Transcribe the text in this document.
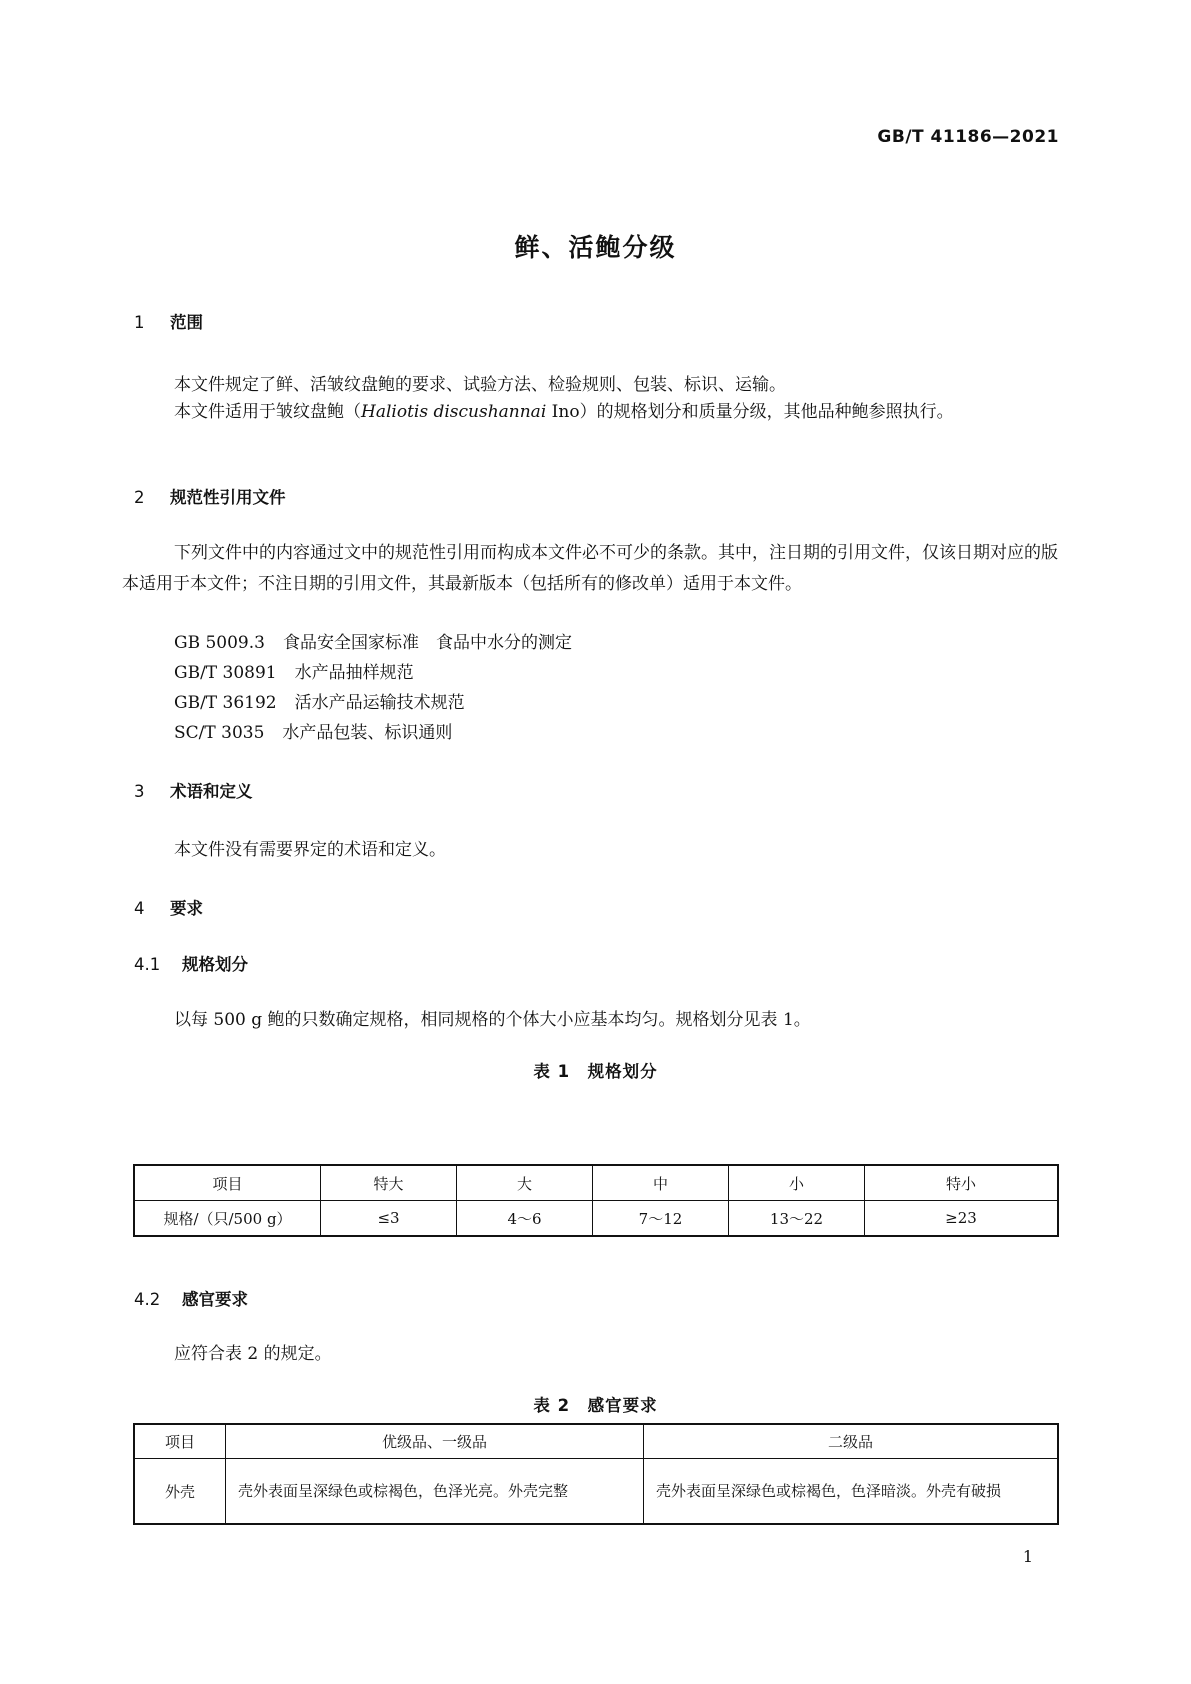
GB/T 41186—2021
鲜、活鲍分级
1 范围
本文件规定了鲜、活皱纹盘鲍的要求、试验方法、检验规则、包装、标识、运输。
本文件适用于皱纹盘鲍（Haliotis discushannai Ino）的规格划分和质量分级，其他品种鲍参照执行。
2 规范性引用文件
下列文件中的内容通过文中的规范性引用而构成本文件必不可少的条款。其中，注日期的引用文件，仅该日期对应的版本适用于本文件；不注日期的引用文件，其最新版本（包括所有的修改单）适用于本文件。
GB 5009.3 食品安全国家标准　食品中水分的测定
GB/T 30891 水产品抽样规范
GB/T 36192 活水产品运输技术规范
SC/T 3035 水产品包装、标识通则
3 术语和定义
本文件没有需要界定的术语和定义。
4 要求
4.1 规格划分
以每 500 g 鲍的只数确定规格，相同规格的个体大小应基本均匀。规格划分见表 1。
表 1　规格划分
项目	特大	大	中	小	特小
规格/（只/500 g）	≤3	4～6	7～12	13～22	≥23
4.2 感官要求
应符合表 2 的规定。
表 2　感官要求
项目	优级品、一级品	二级品
外壳	壳外表面呈深绿色或棕褐色，色泽光亮。外壳完整	壳外表面呈深绿色或棕褐色，色泽暗淡。外壳有破损
1
